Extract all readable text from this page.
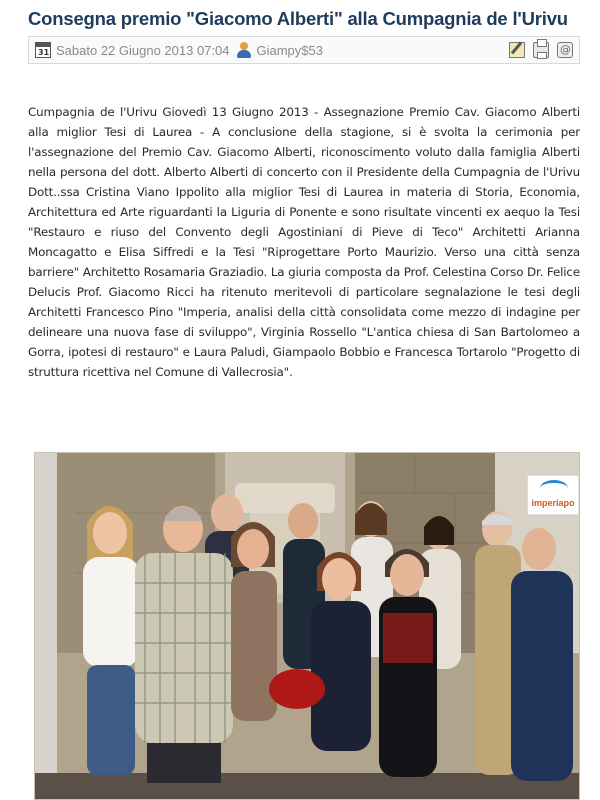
Consegna premio "Giacomo Alberti" alla Cumpagnia de l'Urivu
31 Sabato 22 Giugno 2013 07:04 Giampy$53
@

Cumpagnia de l'Urivu Giovedì 13 Giugno 2013 - Assegnazione Premio Cav. Giacomo Alberti alla miglior Tesi di Laurea - A conclusione della stagione, si è svolta la cerimonia per l'assegnazione del Premio Cav. Giacomo Alberti, riconoscimento voluto dalla famiglia Alberti nella persona del dott. Alberto Alberti di concerto con il Presidente della Cumpagnia de l'Urivu Dott..ssa Cristina Viano Ippolito alla miglior Tesi di Laurea in materia di Storia, Economia, Architettura ed Arte riguardanti la Liguria di Ponente e sono risultate vincenti ex aequo la Tesi "Restauro e riuso del Convento degli Agostiniani di Pieve di Teco" Architetti Arianna Moncagatto e Elisa Siffredi e la Tesi "Riprogettare Porto Maurizio. Verso una città senza barriere" Architetto Rosamaria Graziadio. La giuria composta da Prof. Celestina Corso Dr. Felice Delucis Prof. Giacomo Ricci ha ritenuto meritevoli di particolare segnalazione le tesi degli Architetti Francesco Pino "Imperia, analisi della città consolidata come mezzo di indagine per delineare una nuova fase di sviluppo", Virginia Rossello "L'antica chiesa di San Bartolomeo a Gorra, ipotesi di restauro" e Laura Paludi, Giampaolo Bobbio e Francesca Tortarolo "Progetto di struttura ricettiva nel Comune di Vallecrosia".

imperiapo
